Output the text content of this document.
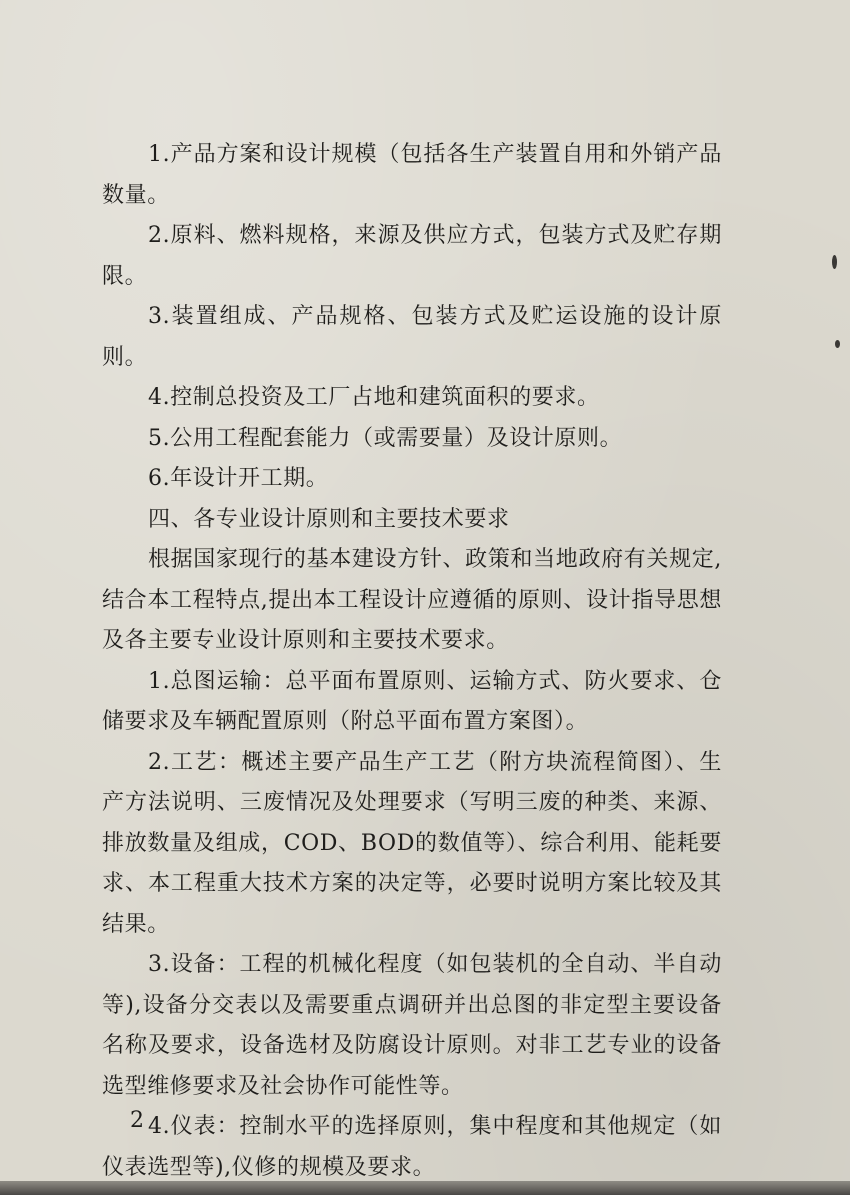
1.产品方案和设计规模（包括各生产装置自用和外销产品数量。

2.原料、燃料规格，来源及供应方式，包装方式及贮存期限。

3.装置组成、产品规格、包装方式及贮运设施的设计原则。

4.控制总投资及工厂占地和建筑面积的要求。

5.公用工程配套能力（或需要量）及设计原则。

6.年设计开工期。

四、各专业设计原则和主要技术要求

根据国家现行的基本建设方针、政策和当地政府有关规定,结合本工程特点,提出本工程设计应遵循的原则、设计指导思想及各主要专业设计原则和主要技术要求。

1.总图运输：总平面布置原则、运输方式、防火要求、仓储要求及车辆配置原则（附总平面布置方案图）。

2.工艺：概述主要产品生产工艺（附方块流程简图）、生产方法说明、三废情况及处理要求（写明三废的种类、来源、排放数量及组成，COD、BOD的数值等）、综合利用、能耗要求、本工程重大技术方案的决定等，必要时说明方案比较及其结果。

3.设备：工程的机械化程度（如包装机的全自动、半自动等),设备分交表以及需要重点调研并出总图的非定型主要设备名称及要求，设备选材及防腐设计原则。对非工艺专业的设备选型维修要求及社会协作可能性等。

4.仪表：控制水平的选择原则，集中程度和其他规定（如仪表选型等),仪修的规模及要求。

2
